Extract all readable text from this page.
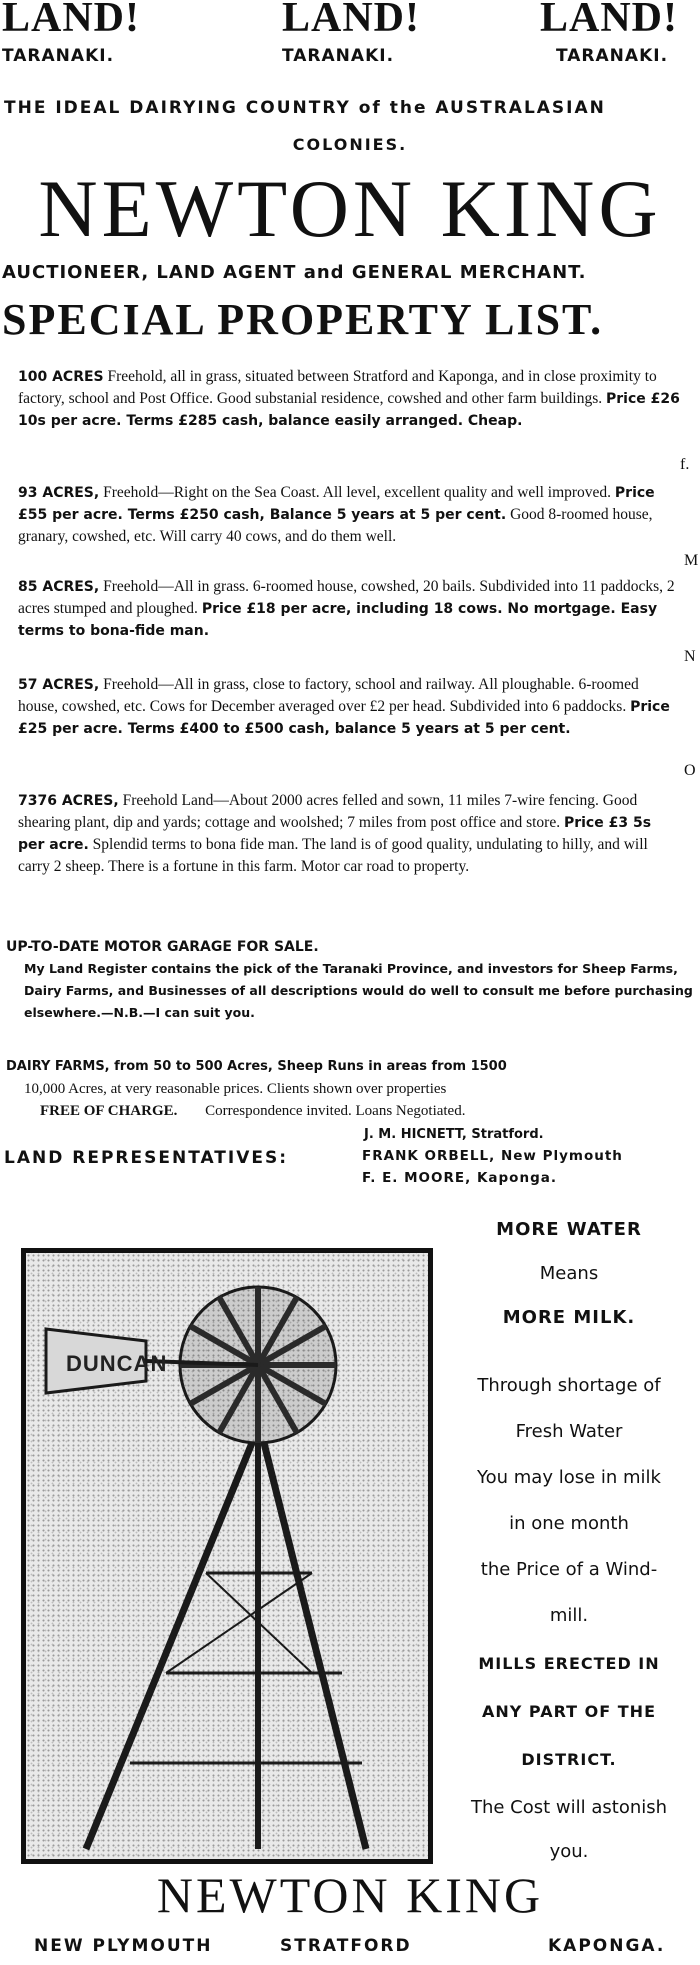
LAND!	LAND!	LAND!
TARANAKI.	TARANAKI.	TARANAKI.
THE IDEAL DAIRYING COUNTRY of the AUSTRALASIAN
COLONIES.
NEWTON KING
AUCTIONEER, LAND AGENT and GENERAL MERCHANT.
SPECIAL PROPERTY LIST.
100 ACRES Freehold, all in grass, situated between Stratford and Kaponga, and in close proximity to factory, school and Post Office. Good substanial residence, cowshed and other farm buildings. Price £26 10s per acre. Terms £285 cash, balance easily arranged. Cheap.
93 ACRES, Freehold—Right on the Sea Coast. All level, excellent quality and well improved. Price £55 per acre. Terms £250 cash, Balance 5 years at 5 per cent. Good 8-roomed house, granary, cowshed, etc. Will carry 40 cows, and do them well.
85 ACRES, Freehold—All in grass. 6-roomed house, cowshed, 20 bails. Subdivided into 11 paddocks, 2 acres stumped and ploughed. Price £18 per acre, including 18 cows. No mortgage. Easy terms to bona-fide man.
57 ACRES, Freehold—All in grass, close to factory, school and railway. All ploughable. 6-roomed house, cowshed, etc. Cows for December averaged over £2 per head. Subdivided into 6 paddocks. Price £25 per acre. Terms £400 to £500 cash, balance 5 years at 5 per cent.
7376 ACRES, Freehold Land—About 2000 acres felled and sown, 11 miles 7-wire fencing. Good shearing plant, dip and yards; cottage and woolshed; 7 miles from post office and store. Price £3 5s per acre. Splendid terms to bona fide man. The land is of good quality, undulating to hilly, and will carry 2 sheep. There is a fortune in this farm. Motor car road to property.
UP-TO-DATE MOTOR GARAGE FOR SALE.
My Land Register contains the pick of the Taranaki Province, and investors for Sheep Farms, Dairy Farms, and Businesses of all descriptions would do well to consult me before purchasing elsewhere.—N.B.—I can suit you.
DAIRY FARMS, from 50 to 500 Acres, Sheep Runs in areas from 1500
10,000 Acres, at very reasonable prices. Clients shown over properties
FREE OF CHARGE. Correspondence invited. Loans Negotiated.
J. M. HICNETT, Stratford.
LAND REPRESENTATIVES:	FRANK ORBELL, New Plymouth
F. E. MOORE, Kaponga.
DUNCAN
MORE WATER
Means
MORE MILK.
Through shortage of
Fresh Water
You may lose in milk
in one month
the Price of a Wind-
mill.
MILLS ERECTED IN
ANY PART OF THE
DISTRICT.
The Cost will astonish
you.
NEWTON KING
NEW PLYMOUTH	STRATFORD	KAPONGA.
f.
M
N
O
